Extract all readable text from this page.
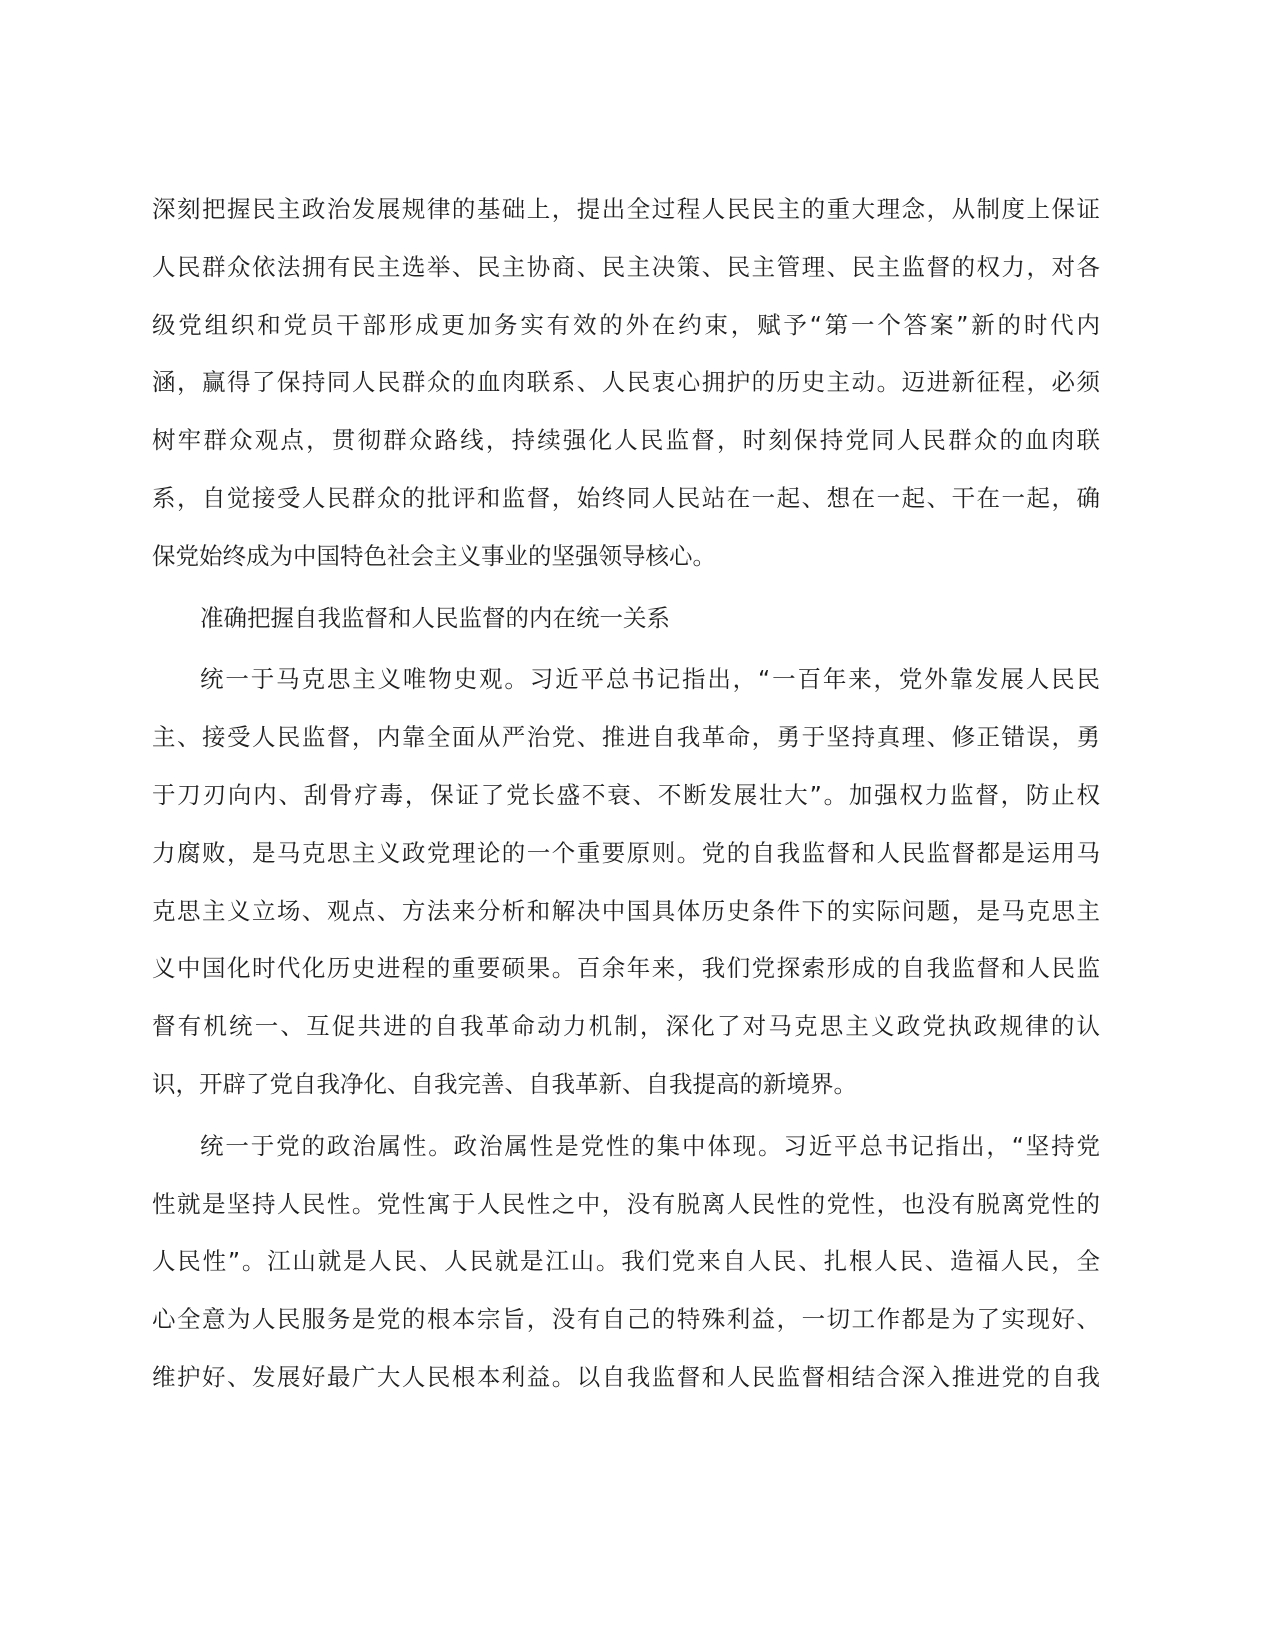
深刻把握民主政治发展规律的基础上，提出全过程人民民主的重大理念，从制度上保证
人民群众依法拥有民主选举、民主协商、民主决策、民主管理、民主监督的权力，对各
级党组织和党员干部形成更加务实有效的外在约束，赋予“第一个答案”新的时代内
涵，赢得了保持同人民群众的血肉联系、人民衷心拥护的历史主动。迈进新征程，必须
树牢群众观点，贯彻群众路线，持续强化人民监督，时刻保持党同人民群众的血肉联
系，自觉接受人民群众的批评和监督，始终同人民站在一起、想在一起、干在一起，确
保党始终成为中国特色社会主义事业的坚强领导核心。
准确把握自我监督和人民监督的内在统一关系
统一于马克思主义唯物史观。习近平总书记指出，“一百年来，党外靠发展人民民
主、接受人民监督，内靠全面从严治党、推进自我革命，勇于坚持真理、修正错误，勇
于刀刃向内、刮骨疗毒，保证了党长盛不衰、不断发展壮大”。加强权力监督，防止权
力腐败，是马克思主义政党理论的一个重要原则。党的自我监督和人民监督都是运用马
克思主义立场、观点、方法来分析和解决中国具体历史条件下的实际问题，是马克思主
义中国化时代化历史进程的重要硕果。百余年来，我们党探索形成的自我监督和人民监
督有机统一、互促共进的自我革命动力机制，深化了对马克思主义政党执政规律的认
识，开辟了党自我净化、自我完善、自我革新、自我提高的新境界。
统一于党的政治属性。政治属性是党性的集中体现。习近平总书记指出，“坚持党
性就是坚持人民性。党性寓于人民性之中，没有脱离人民性的党性，也没有脱离党性的
人民性”。江山就是人民、人民就是江山。我们党来自人民、扎根人民、造福人民，全
心全意为人民服务是党的根本宗旨，没有自己的特殊利益，一切工作都是为了实现好、
维护好、发展好最广大人民根本利益。以自我监督和人民监督相结合深入推进党的自我
